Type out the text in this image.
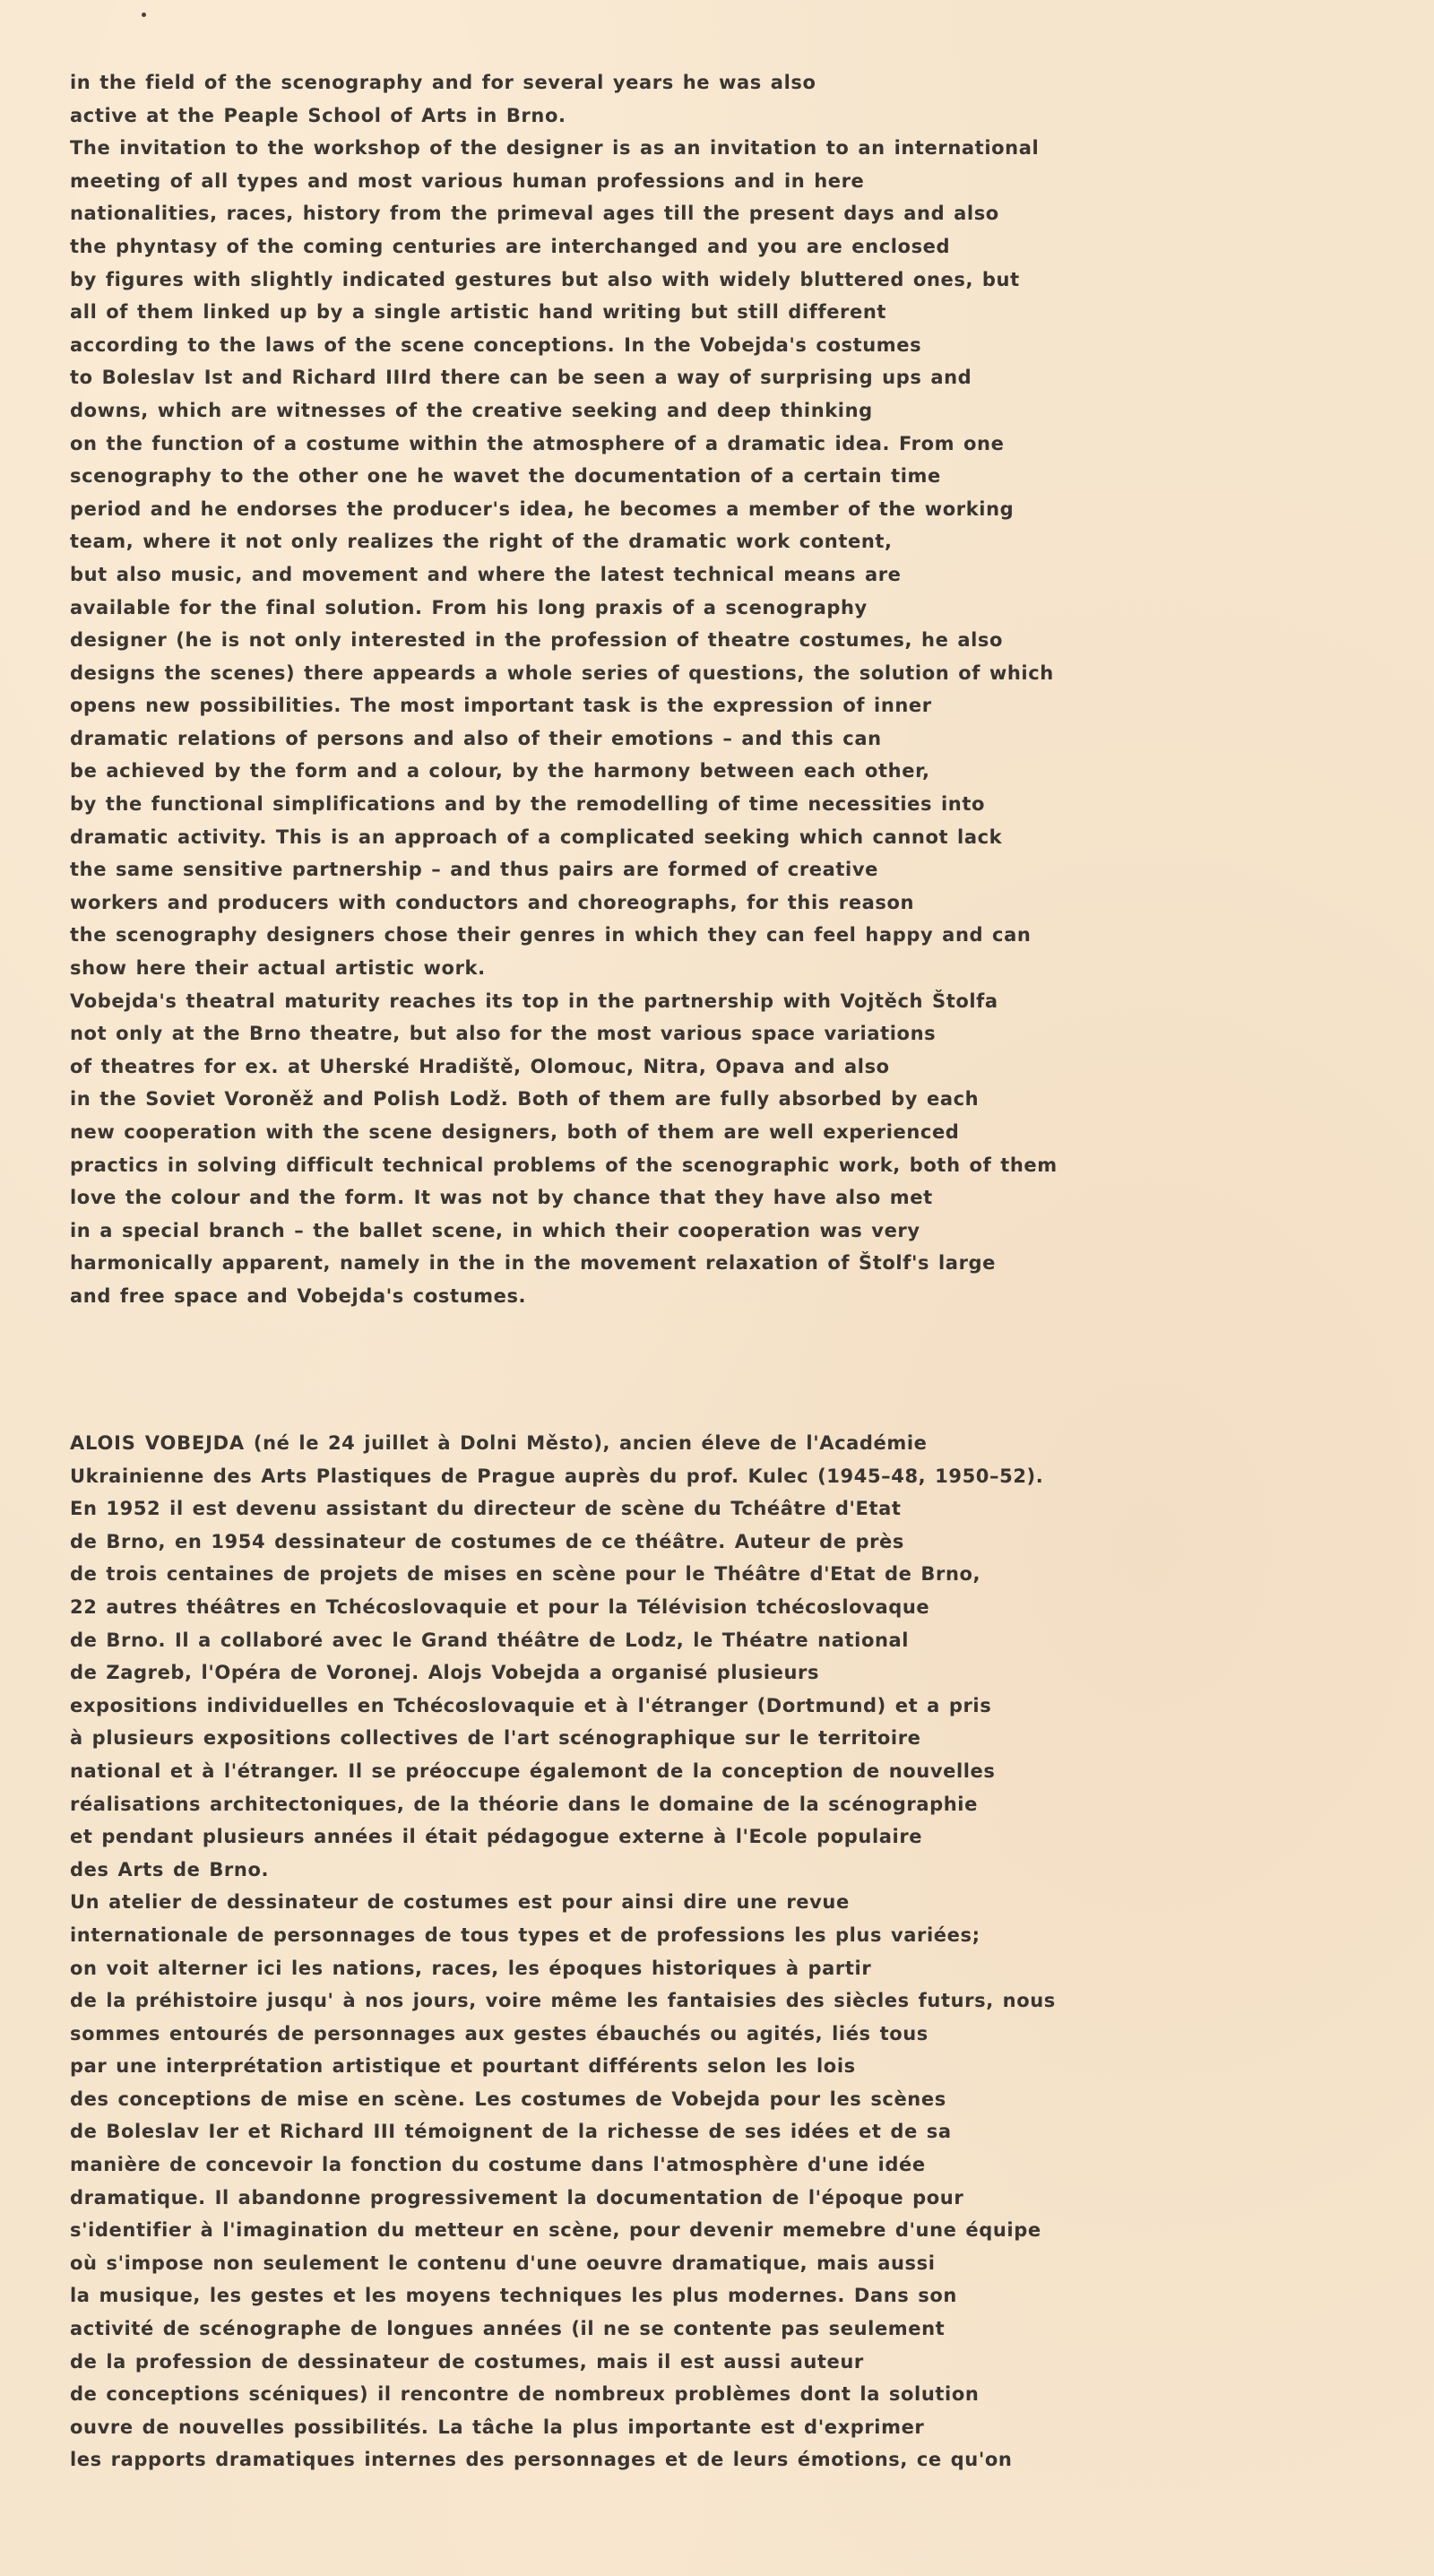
in the field of the scenography and for several years he was also
active at the Peaple School of Arts in Brno.
The invitation to the workshop of the designer is as an invitation to an international
meeting of all types and most various human professions and in here
nationalities, races, history from the primeval ages till the present days and also
the phyntasy of the coming centuries are interchanged and you are enclosed
by figures with slightly indicated gestures but also with widely bluttered ones, but
all of them linked up by a single artistic hand writing but still different
according to the laws of the scene conceptions. In the Vobejda's costumes
to Boleslav Ist and Richard IIIrd there can be seen a way of surprising ups and
downs, which are witnesses of the creative seeking and deep thinking
on the function of a costume within the atmosphere of a dramatic idea. From one
scenography to the other one he wavet the documentation of a certain time
period and he endorses the producer's idea, he becomes a member of the working
team, where it not only realizes the right of the dramatic work content,
but also music, and movement and where the latest technical means are
available for the final solution. From his long praxis of a scenography
designer (he is not only interested in the profession of theatre costumes, he also
designs the scenes) there appeards a whole series of questions, the solution of which
opens new possibilities. The most important task is the expression of inner
dramatic relations of persons and also of their emotions – and this can
be achieved by the form and a colour, by the harmony between each other,
by the functional simplifications and by the remodelling of time necessities into
dramatic activity. This is an approach of a complicated seeking which cannot lack
the same sensitive partnership – and thus pairs are formed of creative
workers and producers with conductors and choreographs, for this reason
the scenography designers chose their genres in which they can feel happy and can
show here their actual artistic work.
Vobejda's theatral maturity reaches its top in the partnership with Vojtěch Štolfa
not only at the Brno theatre, but also for the most various space variations
of theatres for ex. at Uherské Hradiště, Olomouc, Nitra, Opava and also
in the Soviet Voroněž and Polish Lodž. Both of them are fully absorbed by each
new cooperation with the scene designers, both of them are well experienced
practics in solving difficult technical problems of the scenographic work, both of them
love the colour and the form. It was not by chance that they have also met
in a special branch – the ballet scene, in which their cooperation was very
harmonically apparent, namely in the in the movement relaxation of Štolf's large
and free space and Vobejda's costumes.
ALOIS VOBEJDA (né le 24 juillet à Dolni Město), ancien éleve de l'Académie
Ukrainienne des Arts Plastiques de Prague auprès du prof. Kulec (1945–48, 1950–52).
En 1952 il est devenu assistant du directeur de scène du Tchéâtre d'Etat
de Brno, en 1954 dessinateur de costumes de ce théâtre. Auteur de près
de trois centaines de projets de mises en scène pour le Théâtre d'Etat de Brno,
22 autres théâtres en Tchécoslovaquie et pour la Télévision tchécoslovaque
de Brno. Il a collaboré avec le Grand théâtre de Lodz, le Théatre national
de Zagreb, l'Opéra de Voronej. Alojs Vobejda a organisé plusieurs
expositions individuelles en Tchécoslovaquie et à l'étranger (Dortmund) et a pris
à plusieurs expositions collectives de l'art scénographique sur le territoire
national et à l'étranger. Il se préoccupe égalemont de la conception de nouvelles
réalisations architectoniques, de la théorie dans le domaine de la scénographie
et pendant plusieurs années il était pédagogue externe à l'Ecole populaire
des Arts de Brno.
Un atelier de dessinateur de costumes est pour ainsi dire une revue
internationale de personnages de tous types et de professions les plus variées;
on voit alterner ici les nations, races, les époques historiques à partir
de la préhistoire jusqu' à nos jours, voire même les fantaisies des siècles futurs, nous
sommes entourés de personnages aux gestes ébauchés ou agités, liés tous
par une interprétation artistique et pourtant différents selon les lois
des conceptions de mise en scène. Les costumes de Vobejda pour les scènes
de Boleslav Ier et Richard III témoignent de la richesse de ses idées et de sa
manière de concevoir la fonction du costume dans l'atmosphère d'une idée
dramatique. Il abandonne progressivement la documentation de l'époque pour
s'identifier à l'imagination du metteur en scène, pour devenir memebre d'une équipe
où s'impose non seulement le contenu d'une oeuvre dramatique, mais aussi
la musique, les gestes et les moyens techniques les plus modernes. Dans son
activité de scénographe de longues années (il ne se contente pas seulement
de la profession de dessinateur de costumes, mais il est aussi auteur
de conceptions scéniques) il rencontre de nombreux problèmes dont la solution
ouvre de nouvelles possibilités. La tâche la plus importante est d'exprimer
les rapports dramatiques internes des personnages et de leurs émotions, ce qu'on
